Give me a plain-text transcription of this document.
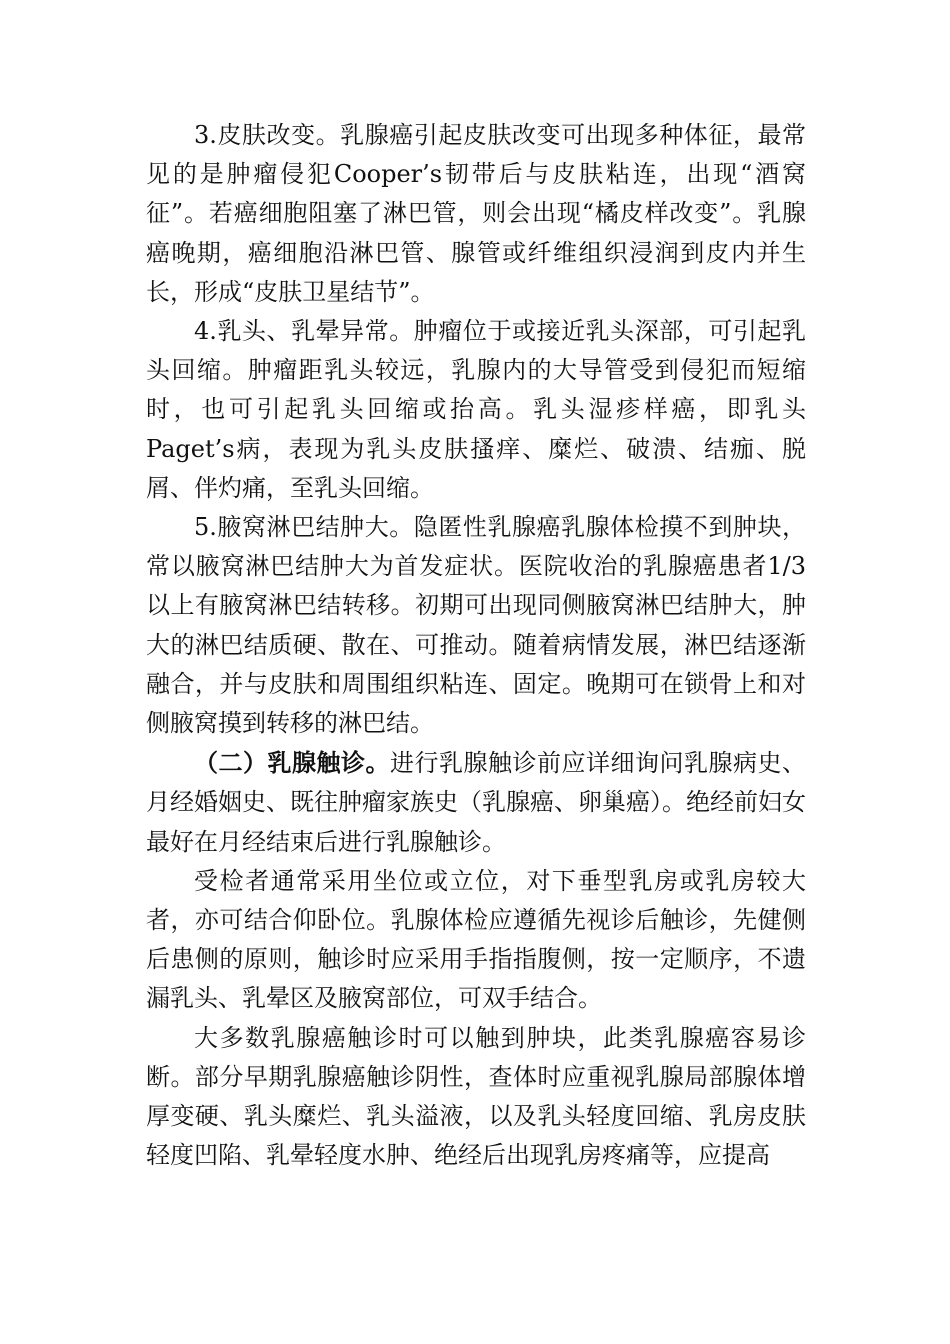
3.皮肤改变。乳腺癌引起皮肤改变可出现多种体征，最常见的是肿瘤侵犯Cooper’s韧带后与皮肤粘连，出现“酒窝征”。若癌细胞阻塞了淋巴管，则会出现“橘皮样改变”。乳腺癌晚期，癌细胞沿淋巴管、腺管或纤维组织浸润到皮内并生长，形成“皮肤卫星结节”。

4.乳头、乳晕异常。肿瘤位于或接近乳头深部，可引起乳头回缩。肿瘤距乳头较远，乳腺内的大导管受到侵犯而短缩时，也可引起乳头回缩或抬高。乳头湿疹样癌，即乳头Paget’s病，表现为乳头皮肤搔痒、糜烂、破溃、结痂、脱屑、伴灼痛，至乳头回缩。

5.腋窝淋巴结肿大。隐匿性乳腺癌乳腺体检摸不到肿块，常以腋窝淋巴结肿大为首发症状。医院收治的乳腺癌患者1/3以上有腋窝淋巴结转移。初期可出现同侧腋窝淋巴结肿大，肿大的淋巴结质硬、散在、可推动。随着病情发展，淋巴结逐渐融合，并与皮肤和周围组织粘连、固定。晚期可在锁骨上和对侧腋窝摸到转移的淋巴结。

（二）乳腺触诊。进行乳腺触诊前应详细询问乳腺病史、月经婚姻史、既往肿瘤家族史（乳腺癌、卵巢癌）。绝经前妇女最好在月经结束后进行乳腺触诊。

受检者通常采用坐位或立位，对下垂型乳房或乳房较大者，亦可结合仰卧位。乳腺体检应遵循先视诊后触诊，先健侧后患侧的原则，触诊时应采用手指指腹侧，按一定顺序，不遗漏乳头、乳晕区及腋窝部位，可双手结合。

大多数乳腺癌触诊时可以触到肿块，此类乳腺癌容易诊断。部分早期乳腺癌触诊阴性，查体时应重视乳腺局部腺体增厚变硬、乳头糜烂、乳头溢液，以及乳头轻度回缩、乳房皮肤轻度凹陷、乳晕轻度水肿、绝经后出现乳房疼痛等，应提高
